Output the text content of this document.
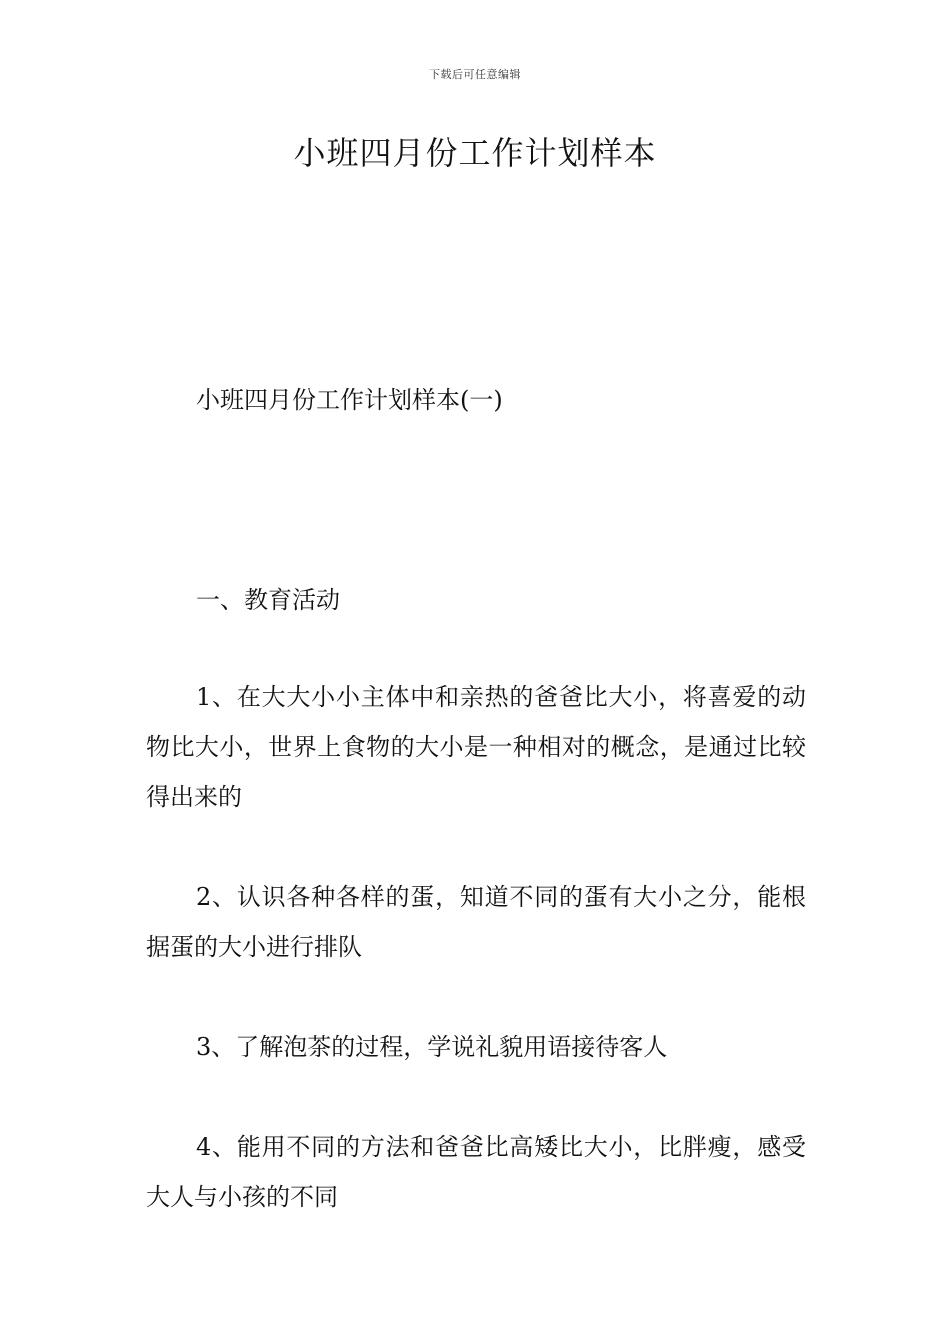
下载后可任意编辑
小班四月份工作计划样本

小班四月份工作计划样本(一)

一、教育活动

1、在大大小小主体中和亲热的爸爸比大小，将喜爱的动物比大小，世界上食物的大小是一种相对的概念，是通过比较得出来的

2、认识各种各样的蛋，知道不同的蛋有大小之分，能根据蛋的大小进行排队

3、了解泡茶的过程，学说礼貌用语接待客人

4、能用不同的方法和爸爸比高矮比大小，比胖瘦，感受大人与小孩的不同
